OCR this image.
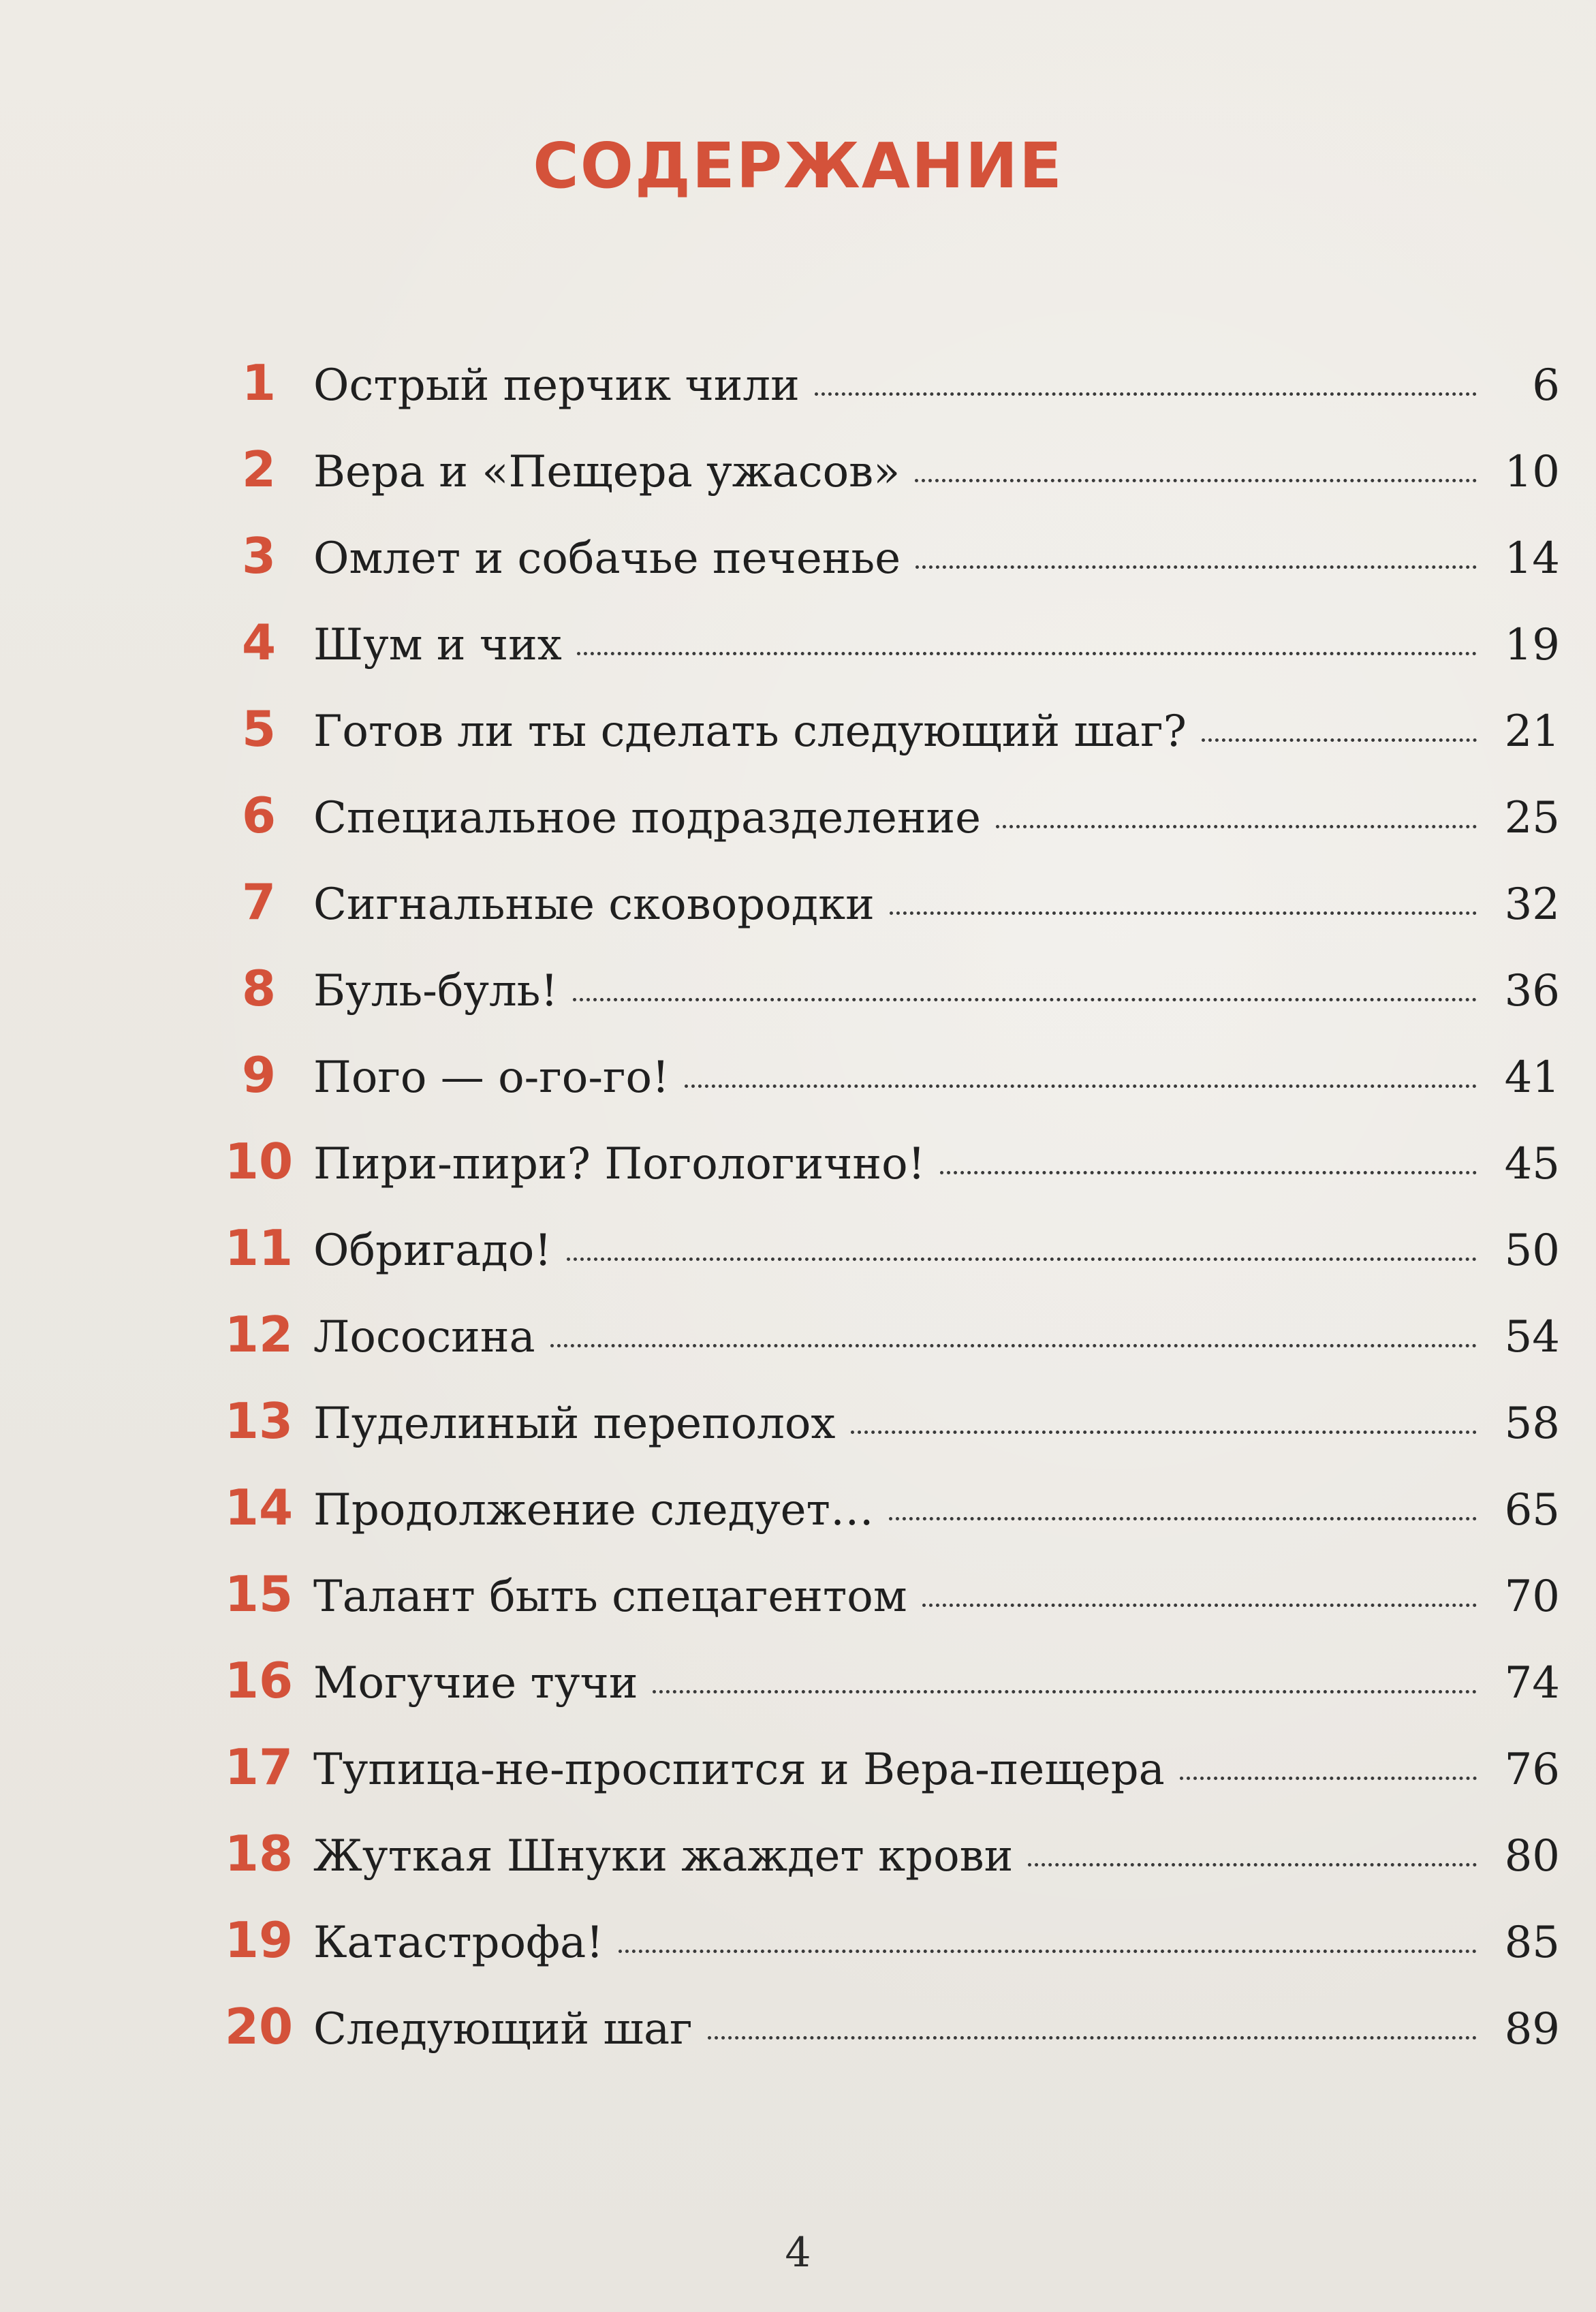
СОДЕРЖАНИЕ
1 Острый перчик чили	6
2 Вера и «Пещера ужасов»	10
3 Омлет и собачье печенье	14
4 Шум и чих	19
5 Готов ли ты сделать следующий шаг?	21
6 Специальное подразделение	25
7 Сигнальные сковородки	32
8 Буль-буль!	36
9 Пого — о-го-го!	41
10 Пири-пири? Погологично!	45
11 Обригадо!	50
12 Лососина	54
13 Пуделиный переполох	58
14 Продолжение следует…	65
15 Талант быть спецагентом	70
16 Могучие тучи	74
17 Тупица-не-проспится и Вера-пещера	76
18 Жуткая Шнуки жаждет крови	80
19 Катастрофа!	85
20 Следующий шаг	89
4
